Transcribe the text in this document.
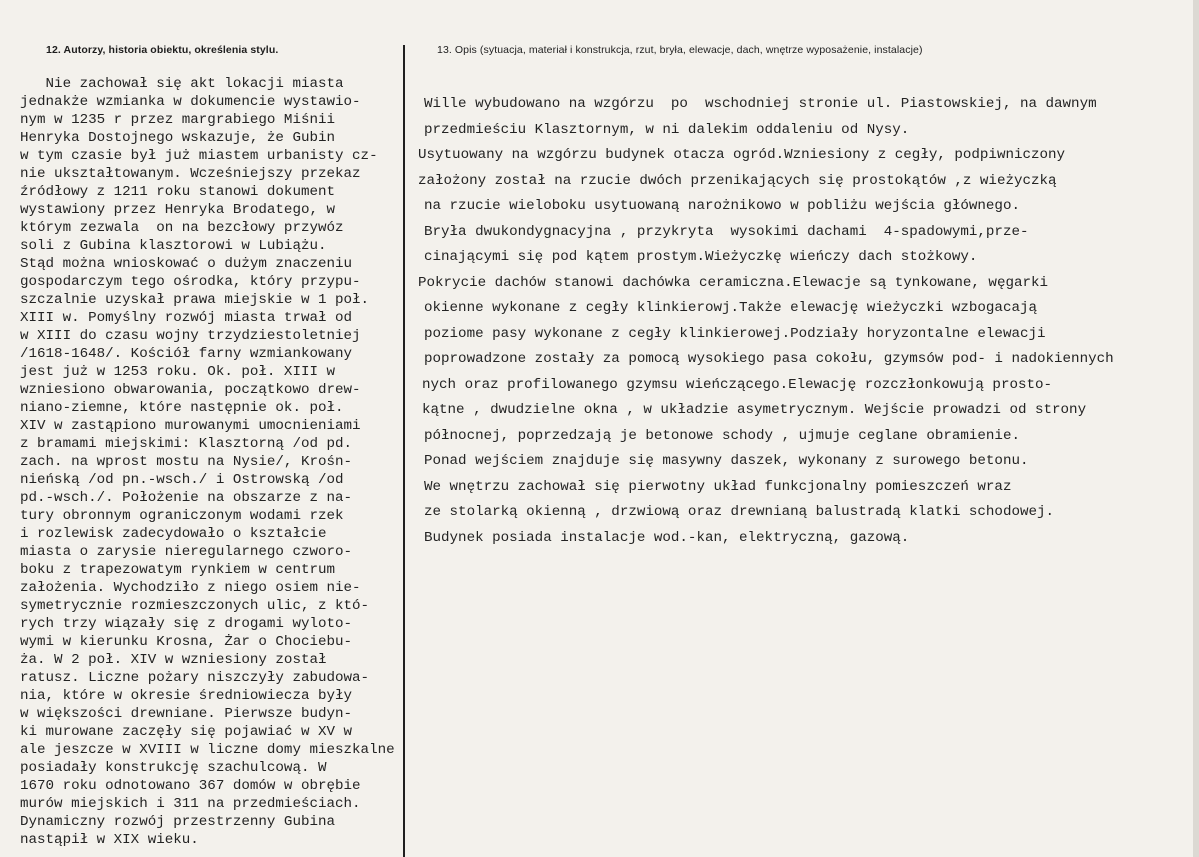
12. Autorzy, historia obiektu, określenia stylu.	13. Opis (sytuacja, materiał i konstrukcja, rzut, bryła, elewacje, dach, wnętrze wyposażenie, instalacje)
Nie zachował się akt lokacji miasta
jednakże wzmianka w dokumencie wystawio-
nym w 1235 r przez margrabiego Miśnii
Henryka Dostojnego wskazuje, że Gubin
w tym czasie był już miastem urbanisty cz-
nie ukształtowanym. Wcześniejszy przekaz
źródłowy z 1211 roku stanowi dokument
wystawiony przez Henryka Brodatego, w
którym zezwala  on na bezcłowy przywóz
soli z Gubina klasztorowi w Lubiążu.
Stąd można wnioskować o dużym znaczeniu
gospodarczym tego ośrodka, który przypu-
szczalnie uzyskał prawa miejskie w 1 poł.
XIII w. Pomyślny rozwój miasta trwał od
w XIII do czasu wojny trzydziestoletniej
/1618-1648/. Kościół farny wzmiankowany
jest już w 1253 roku. Ok. poł. XIII w
wzniesiono obwarowania, początkowo drew-
niano-ziemne, które następnie ok. poł.
XIV w zastąpiono murowanymi umocnieniami
z bramami miejskimi: Klasztorną /od pd.
zach. na wprost mostu na Nysie/, Krośn-
nieńską /od pn.-wsch./ i Ostrowską /od
pd.-wsch./. Położenie na obszarze z na-
tury obronnym ograniczonym wodami rzek
i rozlewisk zadecydowało o kształcie
miasta o zarysie nieregularnego czworo-
boku z trapezowatym rynkiem w centrum
założenia. Wychodziło z niego osiem nie-
symetrycznie rozmieszczonych ulic, z któ-
rych trzy wiązały się z drogami wyloto-
wymi w kierunku Krosna, Żar o Chociebu-
ża. W 2 poł. XIV w wzniesiony został
ratusz. Liczne pożary niszczyły zabudowa-
nia, które w okresie średniowiecza były
w większości drewniane. Pierwsze budyn-
ki murowane zaczęły się pojawiać w XV w
ale jeszcze w XVIII w liczne domy mieszkalne
posiadały konstrukcję szachulcową. W
1670 roku odnotowano 367 domów w obrębie
murów miejskich i 311 na przedmieściach.
Dynamiczny rozwój przestrzenny Gubina
nastąpił w XIX wieku.
Wille wybudowano na wzgórzu  po  wschodniej stronie ul. Piastowskiej, na dawnym
przedmieściu Klasztornym, w ni dalekim oddaleniu od Nysy.
Usytuowany na wzgórzu budynek otacza ogród.Wzniesiony z cegły, podpiwniczony
założony został na rzucie dwóch przenikających się prostokątów ,z wieżyczką
na rzucie wieloboku usytuowaną narożnikowo w pobliżu wejścia głównego.
Bryła dwukondygnacyjna , przykryta  wysokimi dachami  4-spadowymi,prze-
cinającymi się pod kątem prostym.Wieżyczkę wieńczy dach stożkowy.
Pokrycie dachów stanowi dachówka ceramiczna.Elewacje są tynkowane, węgarki
okienne wykonane z cegły klinkierowj.Także elewację wieżyczki wzbogacają
poziome pasy wykonane z cegły klinkierowej.Podziały horyzontalne elewacji
poprowadzone zostały za pomocą wysokiego pasa cokołu, gzymsów pod- i nadokiennych
nych oraz profilowanego gzymsu wieńczącego.Elewację rozczłonkowują prosto-
kątne , dwudzielne okna , w układzie asymetrycznym. Wejście prowadzi od strony
północnej, poprzedzają je betonowe schody , ujmuje ceglane obramienie.
Ponad wejściem znajduje się masywny daszek, wykonany z surowego betonu.
We wnętrzu zachował się pierwotny układ funkcjonalny pomieszczeń wraz
ze stolarką okienną , drzwiową oraz drewnianą balustradą klatki schodowej.
Budynek posiada instalacje wod.-kan, elektryczną, gazową.
